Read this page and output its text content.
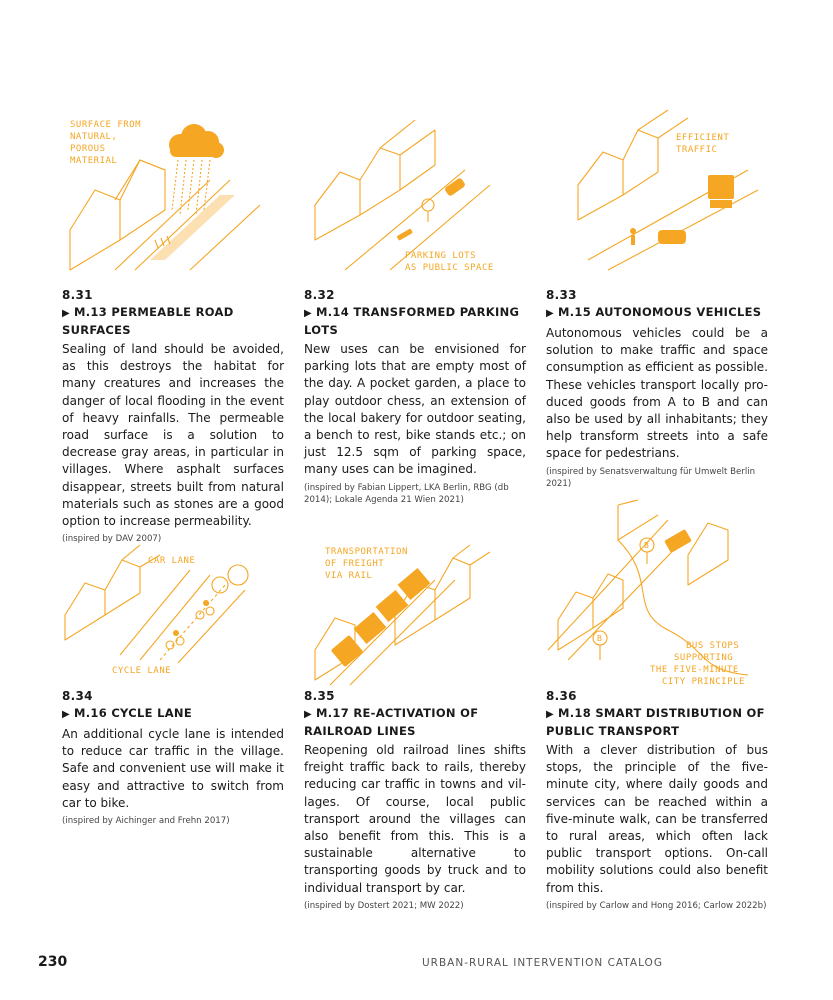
SURFACE FROM
NATURAL,
POROUS
MATERIAL
PARKING LOTS
AS PUBLIC SPACE
EFFICIENT
TRAFFIC
CAR LANE
CYCLE LANE
TRANSPORTATION
OF FREIGHT
VIA RAIL
B
B
BUS STOPS
SUPPORTING
THE FIVE-MINUTE
CITY PRINCIPLE
8.31
▶ M.13 PERMEABLE ROAD SURFACES
Sealing of land should be avoided, as this destroys the habitat for many creatures and increases the danger of local flooding in the event of heavy rainfalls. The permeable road surface is a solution to decrease gray areas, in particular in villages. Where asphalt surfaces disappear, streets built from natural materials such as stones are a good option to increase permeability.
(inspired by DAV 2007)
8.32
▶ M.14 TRANSFORMED PARKING LOTS
New uses can be envisioned for parking lots that are empty most of the day. A pocket garden, a place to play outdoor chess, an extension of the local bakery for outdoor seating, a bench to rest, bike stands etc.; on just 12.5 sqm of parking space, many uses can be imagined.
(inspired by Fabian Lippert, LKA Berlin, RBG (db 2014); Lokale Agenda 21 Wien 2021)
8.33
▶ M.15 AUTONOMOUS VEHICLES
Autonomous vehicles could be a solution to make traffic and space consumption as efficient as possible. These vehicles transport locally produced goods from A to B and can also be used by all inhabitants; they help transform streets into a safe space for pedestrians.
(inspired by Senatsverwaltung für Umwelt Berlin 2021)
8.34
▶ M.16 CYCLE LANE
An additional cycle lane is intended to reduce car traffic in the village. Safe and convenient use will make it easy and attractive to switch from car to bike.
(inspired by Aichinger and Frehn 2017)
8.35
▶ M.17 RE-ACTIVATION OF RAILROAD LINES
Reopening old railroad lines shifts freight traffic back to rails, thereby reducing car traffic in towns and villages. Of course, local public transport around the villages can also benefit from this. This is a sustainable alternative to transporting goods by truck and to individual transport by car.
(inspired by Dostert 2021; MW 2022)
8.36
▶ M.18 SMART DISTRIBUTION OF PUBLIC TRANSPORT
With a clever distribution of bus stops, the principle of the five-minute city, where daily goods and services can be reached within a five-minute walk, can be transferred to rural areas, which often lack public transport options. On-call mobility solutions could also benefit from this.
(inspired by Carlow and Hong 2016; Carlow 2022b)
230	URBAN-RURAL INTERVENTION CATALOG
